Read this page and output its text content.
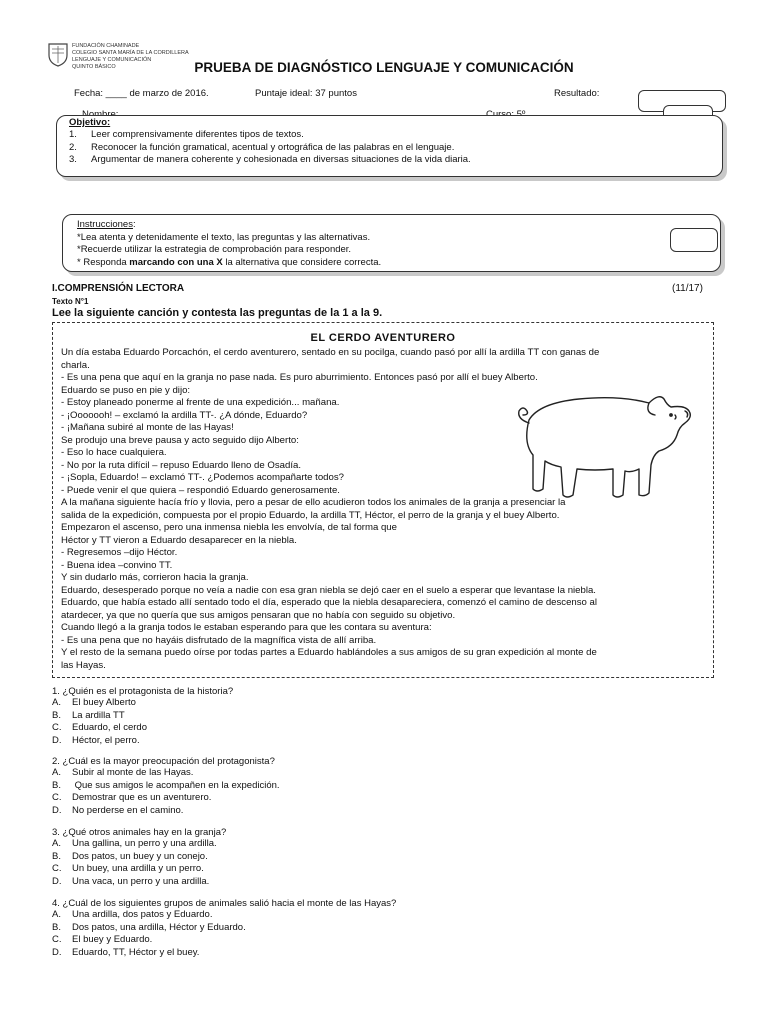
FUNDACIÓN CHAMINADE
COLEGIO SANTA MARÍA DE LA CORDILLERA
LENGUAJE Y COMUNICACIÓN
QUINTO BÁSICO	PRUEBA DE DIAGNÓSTICO LENGUAJE Y COMUNICACIÓN
Fecha: ____ de marzo de 2016.	Puntaje ideal: 37 puntos	Resultado:
Objetivo:
1. Leer comprensivamente diferentes tipos de textos.
2. Reconocer la función gramatical, acentual y ortográfica de las palabras en el lenguaje.
3. Argumentar de manera coherente y cohesionada en diversas situaciones de la vida diaria.
Instrucciones:
*Lea atenta y detenidamente el texto, las preguntas y las alternativas.
*Recuerde utilizar la estrategia de comprobación para responder.
* Responda marcando con una X la alternativa que considere correcta.
I.COMPRENSIÓN LECTORA	(11/17)
Texto N°1
Lee la siguiente canción y contesta las preguntas de la 1 a la 9.
EL CERDO AVENTURERO
Un día estaba Eduardo Porcachón, el cerdo aventurero, sentado en su pocilga, cuando pasó por allí la ardilla TT con ganas de
charla.
- Es una pena que aquí en la granja no pase nada. Es puro aburrimiento. Entonces pasó por allí el buey Alberto.
Eduardo se puso en pie y dijo:
- Estoy planeado ponerme al frente de una expedición... mañana.
- ¡Ooooooh! – exclamó la ardilla TT-. ¿A dónde, Eduardo?
- ¡Mañana subiré al monte de las Hayas!
Se produjo una breve pausa y acto seguido dijo Alberto:
- Eso lo hace cualquiera.
- No por la ruta difícil – repuso Eduardo lleno de Osadía.
- ¡Sopla, Eduardo! – exclamó TT-. ¿Podemos acompañarte todos?
- Puede venir el que quiera – respondió Eduardo generosamente.
A la mañana siguiente hacía frío y lloviа, pero a pesar de ello acudieron todos los animales de la granja a presenciar la
salida de la expedición, compuesta por el propio Eduardo, la ardilla TT, Héctor, el perro de la granja y el buey Alberto.
Empezaron el ascenso, pero una inmensa niebla les envolvía, de tal forma que
Héctor y TT vieron a Eduardo desaparecer en la niebla.
- Regresemos –dijo Héctor.
- Buena idea –convino TT.
Y sin dudarlo más, corrieron hacia la granja.
Eduardo, desesperado porque no veía a nadie con esa gran niebla se dejó caer en el suelo a esperar que levantase la niebla.
Eduardo, que había estado allí sentado todo el día, esperado que la niebla desapareciera, comenzó el camino de descenso al
atardecer, ya que no quería que sus amigos pensaran que no había con seguido su objetivo.
Cuando llegó a la granja todos le estaban esperando para que les contara su aventura:
- Es una pena que no hayáis disfrutado de la magnífica vista de allí arriba.
Y el resto de la semana puedo oírse por todas partes a Eduardo hablándoles a sus amigos de su gran expedición al monte de
las Hayas.
1. ¿Quién es el protagonista de la historia?
A. El buey Alberto
B. La ardilla TT
C. Eduardo, el cerdo
D. Héctor, el perro.
2. ¿Cuál es la mayor preocupación del protagonista?
A. Subir al monte de las Hayas.
B. Que sus amigos le acompañen en la expedición.
C. Demostrar que es un aventurero.
D. No perderse en el camino.
3. ¿Qué otros animales hay en la granja?
A. Una gallina, un perro y una ardilla.
B. Dos patos, un buey y un conejo.
C. Un buey, una ardilla y un perro.
D. Una vaca, un perro y una ardilla.
4. ¿Cuál de los siguientes grupos de animales salió hacia el monte de las Hayas?
A. Una ardilla, dos patos y Eduardo.
B. Dos patos, una ardilla, Héctor y Eduardo.
C. El buey y Eduardo.
D. Eduardo, TT, Héctor y el buey.
